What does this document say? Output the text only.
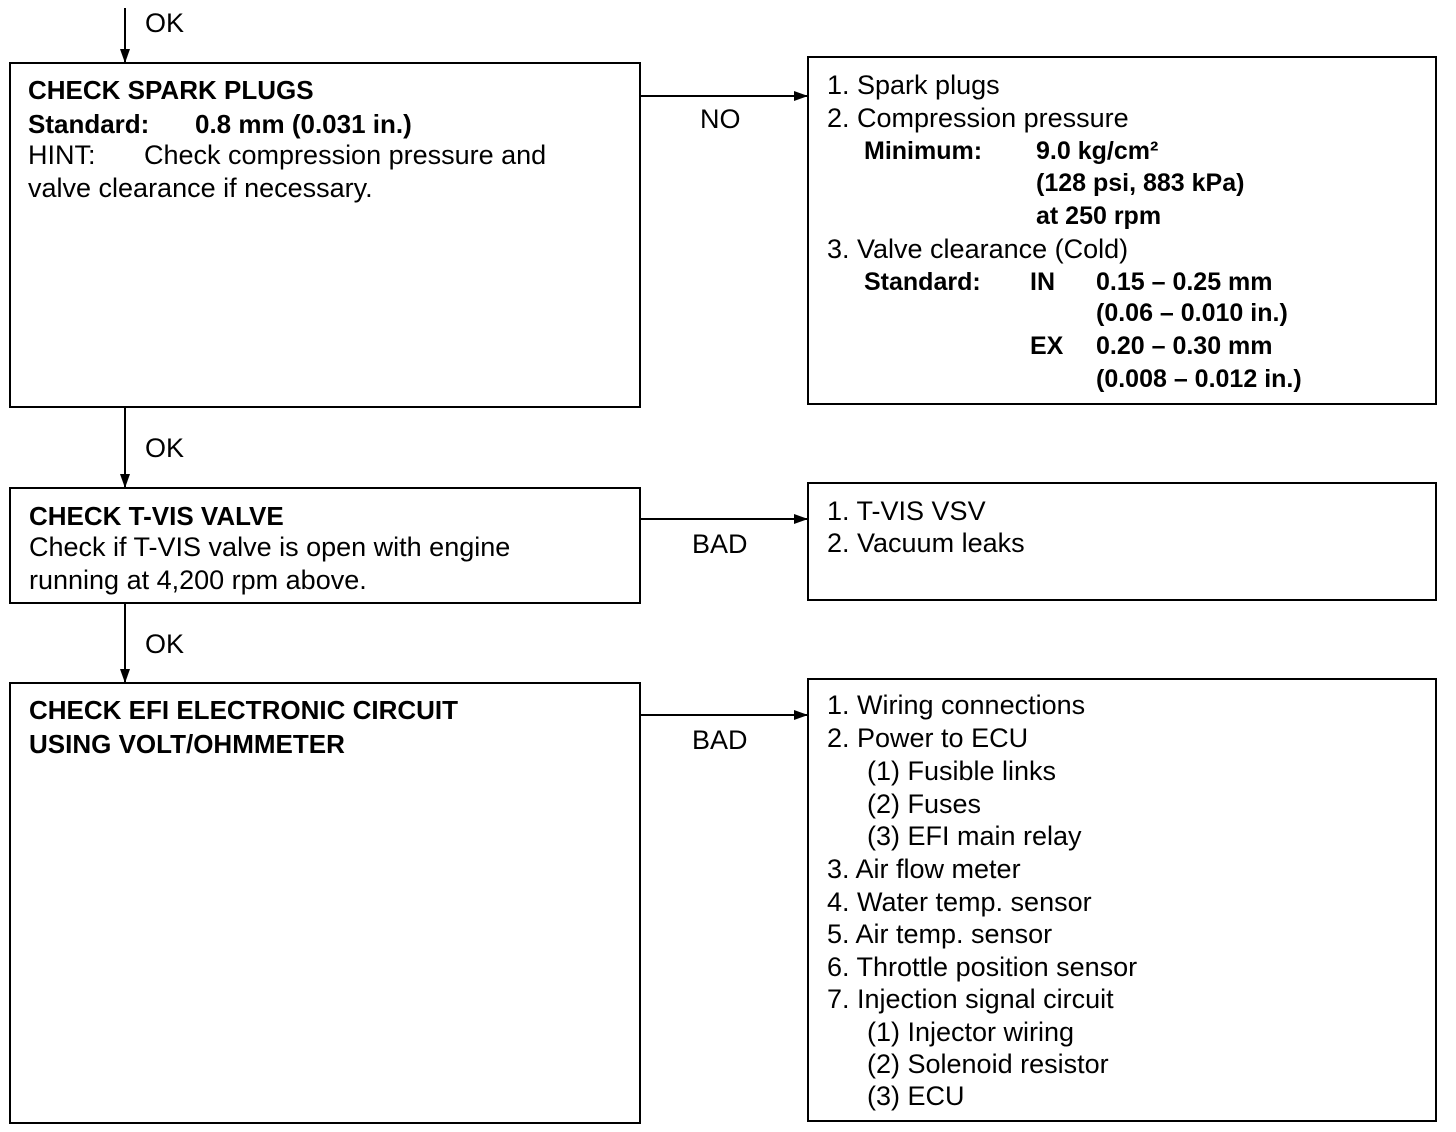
OK
OK
OK
NO
BAD
BAD
CHECK SPARK PLUGS
Standard: 0.8 mm (0.031 in.)
HINT: Check compression pressure and
valve clearance if necessary.
1. Spark plugs
2. Compression pressure
Minimum: 9.0 kg/cm²
(128 psi, 883 kPa)
at 250 rpm
3. Valve clearance (Cold)
Standard: IN 0.15 – 0.25 mm
(0.06 – 0.010 in.)
EX 0.20 – 0.30 mm
(0.008 – 0.012 in.)
CHECK T-VIS VALVE
Check if T-VIS valve is open with engine
running at 4,200 rpm above.
1. T-VIS VSV
2. Vacuum leaks
CHECK EFI ELECTRONIC CIRCUIT
USING VOLT/OHMMETER
1. Wiring connections
2. Power to ECU
(1) Fusible links
(2) Fuses
(3) EFI main relay
3. Air flow meter
4. Water temp. sensor
5. Air temp. sensor
6. Throttle position sensor
7. Injection signal circuit
(1) Injector wiring
(2) Solenoid resistor
(3) ECU
